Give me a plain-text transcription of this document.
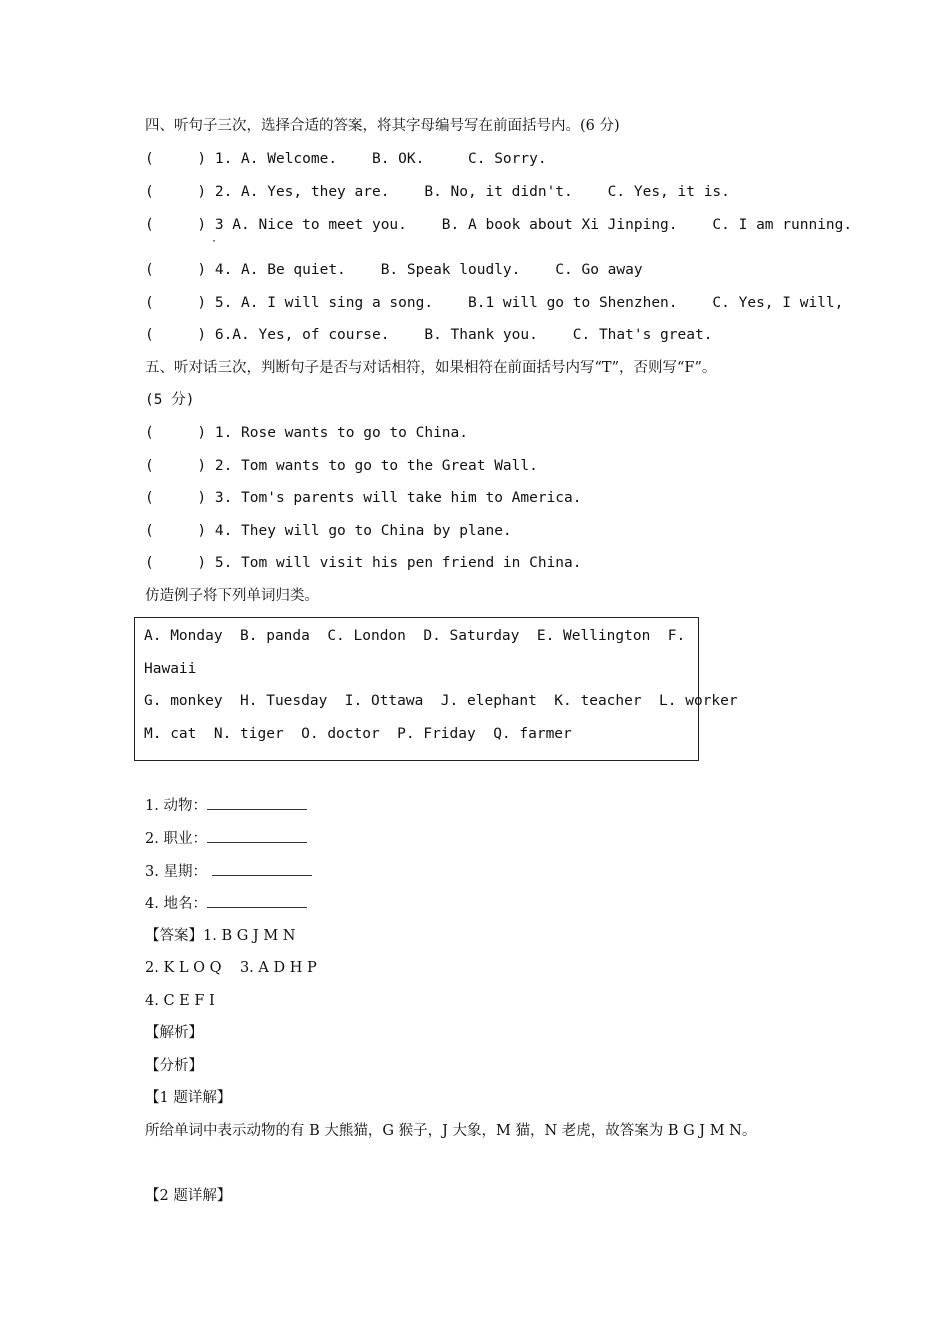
四、听句子三次，选择合适的答案，将其字母编号写在前面括号内。(6 分)
(     ) 1. A. Welcome.    B. OK.     C. Sorry.
(     ) 2. A. Yes, they are.    B. No, it didn't.    C. Yes, it is.
(     ) 3 A. Nice to meet you.    B. A book about Xi Jinping.    C. I am running.
·
(     ) 4. A. Be quiet.    B. Speak loudly.    C. Go away
(     ) 5. A. I will sing a song.    B.1 will go to Shenzhen.    C. Yes, I will,
(     ) 6.A. Yes, of course.    B. Thank you.    C. That's great.
五、听对话三次，判断句子是否与对话相符，如果相符在前面括号内写“T”，否则写“F”。
(5 分)
(     ) 1. Rose wants to go to China.
(     ) 2. Tom wants to go to the Great Wall.
(     ) 3. Tom's parents will take him to America.
(     ) 4. They will go to China by plane.
(     ) 5. Tom will visit his pen friend in China.
仿造例子将下列单词归类。
A. Monday  B. panda  C. London  D. Saturday  E. Wellington  F.
Hawaii
G. monkey  H. Tuesday  I. Ottawa  J. elephant  K. teacher  L. worker
M. cat  N. tiger  O. doctor  P. Friday  Q. farmer
1. 动物：
2. 职业：
3. 星期：
4. 地名：
【答案】1. B G J M N
2. K L O Q    3. A D H P
4. C E F I
【解析】
【分析】
【1 题详解】
所给单词中表示动物的有 B 大熊猫，G 猴子，J 大象，M 猫，N 老虎，故答案为 B G J M N。
【2 题详解】
